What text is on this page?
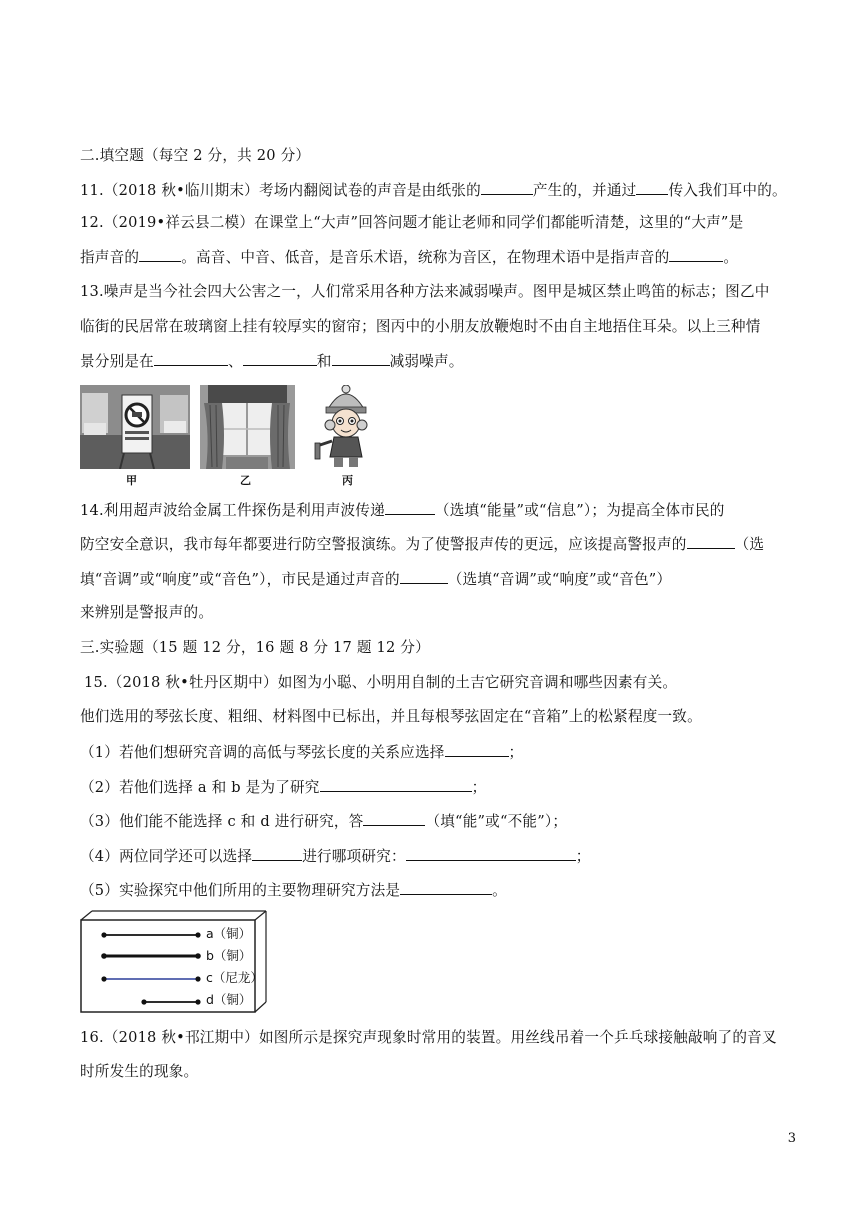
二.填空题（每空 2 分，共 20 分）
11.（2018 秋•临川期末）考场内翻阅试卷的声音是由纸张的	产生的，并通过 传入我们耳中的。
12.（2019•祥云县二模）在课堂上“大声”回答问题才能让老师和同学们都能听清楚，这里的“大声”是
指声音的	。高音、中音、低音，是音乐术语，统称为音区，在物理术语中是指声音的	。
13.噪声是当今社会四大公害之一，人们常采用各种方法来减弱噪声。图甲是城区禁止鸣笛的标志；图乙中
临街的民居常在玻璃窗上挂有较厚实的窗帘；图丙中的小朋友放鞭炮时不由自主地捂住耳朵。以上三种情
景分别是在	、	和	减弱噪声。
甲	乙	丙
14.利用超声波给金属工件探伤是利用声波传递	（选填“能量”或“信息”）；为提高全体市民的
防空安全意识，我市每年都要进行防空警报演练。为了使警报声传的更远，应该提高警报声的	（选
填“音调”或“响度”或“音色”），市民是通过声音的	（选填“音调”或“响度”或“音色”）
来辨别是警报声的。
三.实验题（15 题 12 分，16 题 8 分 17 题 12 分）
15.（2018 秋•牡丹区期中）如图为小聪、小明用自制的土吉它研究音调和哪些因素有关。
他们选用的琴弦长度、粗细、材料图中已标出，并且每根琴弦固定在“音箱”上的松紧程度一致。
（1）若他们想研究音调的高低与琴弦长度的关系应选择	；
（2）若他们选择 a 和 b 是为了研究	；
（3）他们能不能选择 c 和 d 进行研究，答	（填“能”或“不能”）；
（4）两位同学还可以选择	进行哪项研究：	；
（5）实验探究中他们所用的主要物理研究方法是	。
a（铜）
b（铜）
c（尼龙）
d（铜）
16.（2018 秋•邗江期中）如图所示是探究声现象时常用的装置。用丝线吊着一个乒乓球接触敲响了的音叉
时所发生的现象。
3
